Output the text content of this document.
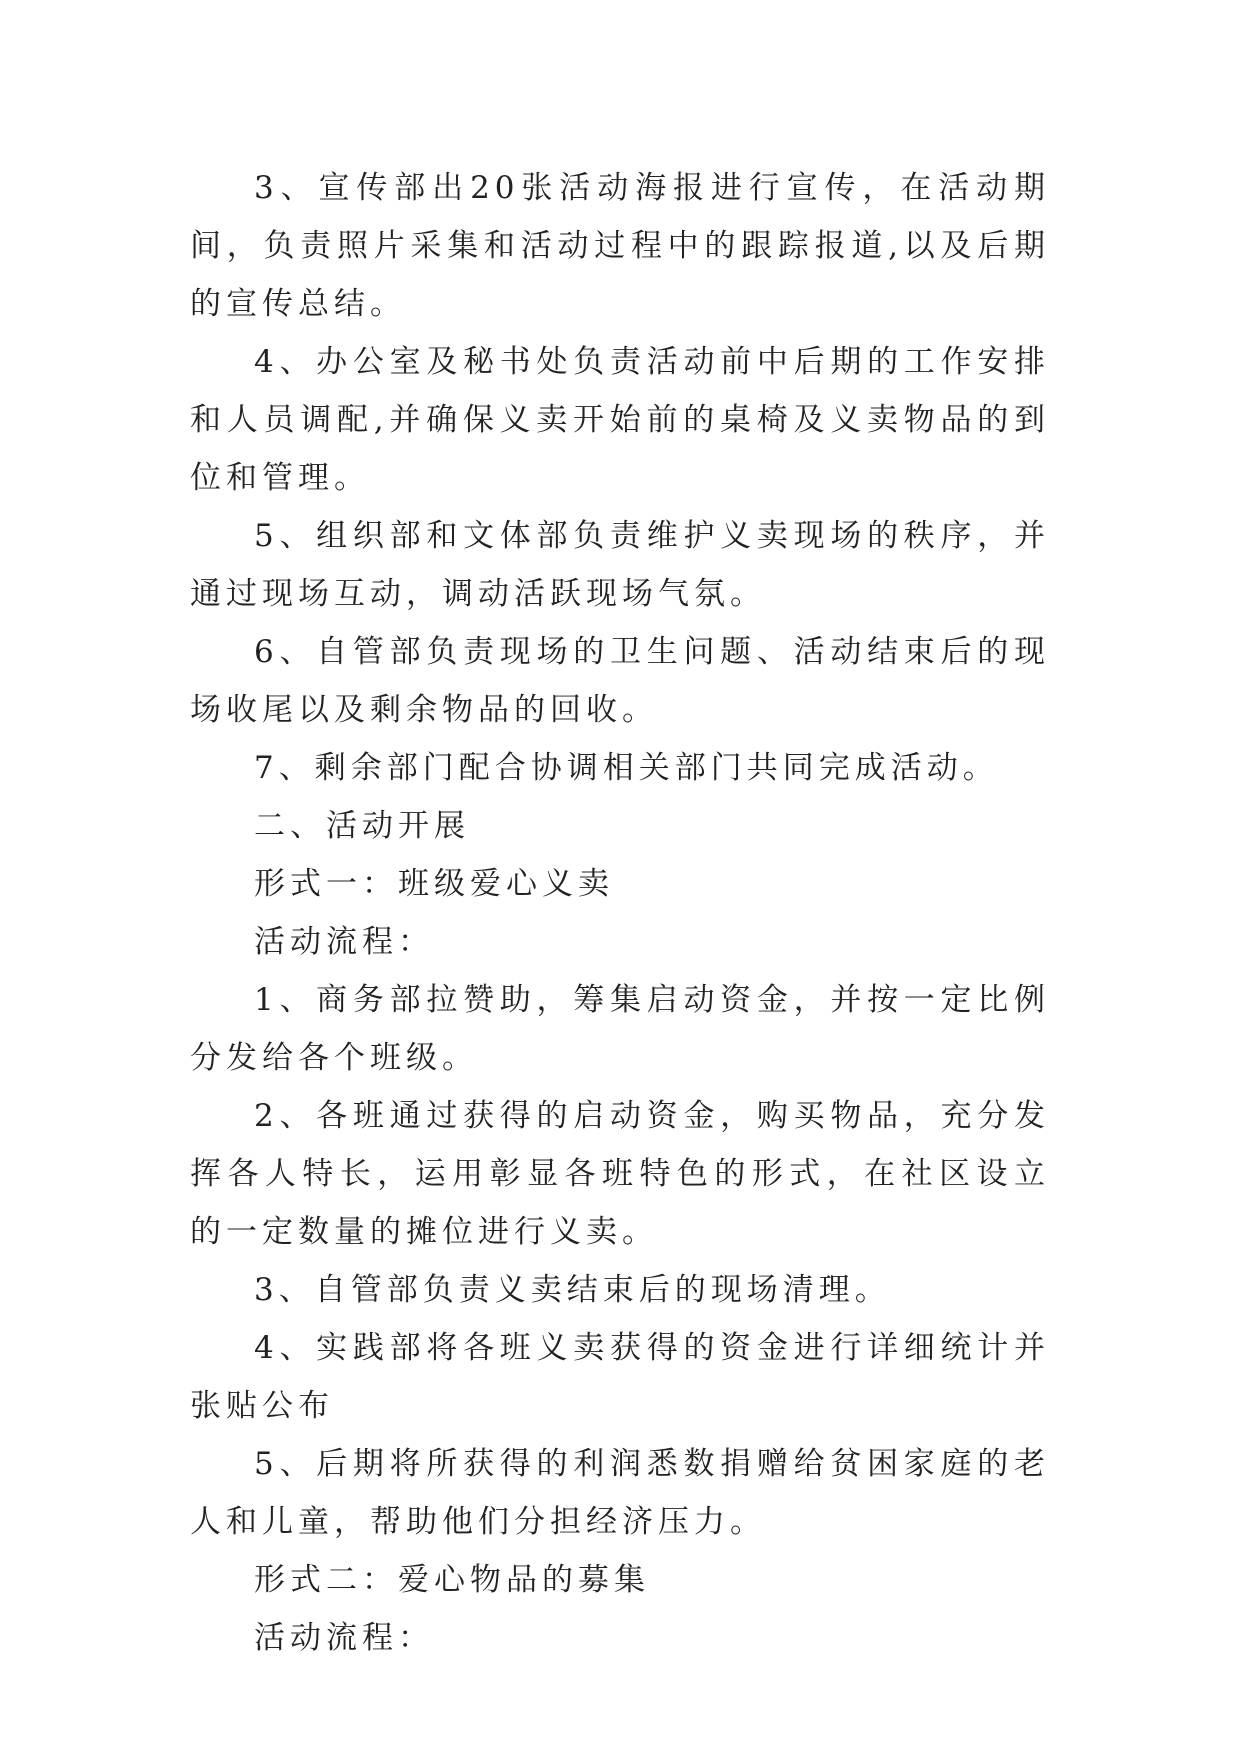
3、宣传部出20张活动海报进行宣传，在活动期间，负责照片采集和活动过程中的跟踪报道,以及后期的宣传总结。

4、办公室及秘书处负责活动前中后期的工作安排和人员调配,并确保义卖开始前的桌椅及义卖物品的到位和管理。

5、组织部和文体部负责维护义卖现场的秩序，并通过现场互动，调动活跃现场气氛。

6、自管部负责现场的卫生问题、活动结束后的现场收尾以及剩余物品的回收。

7、剩余部门配合协调相关部门共同完成活动。

二、活动开展

形式一：班级爱心义卖

活动流程：

1、商务部拉赞助，筹集启动资金，并按一定比例分发给各个班级。

2、各班通过获得的启动资金，购买物品，充分发挥各人特长，运用彰显各班特色的形式，在社区设立的一定数量的摊位进行义卖。

3、自管部负责义卖结束后的现场清理。

4、实践部将各班义卖获得的资金进行详细统计并张贴公布

5、后期将所获得的利润悉数捐赠给贫困家庭的老人和儿童，帮助他们分担经济压力。

形式二：爱心物品的募集

活动流程：
